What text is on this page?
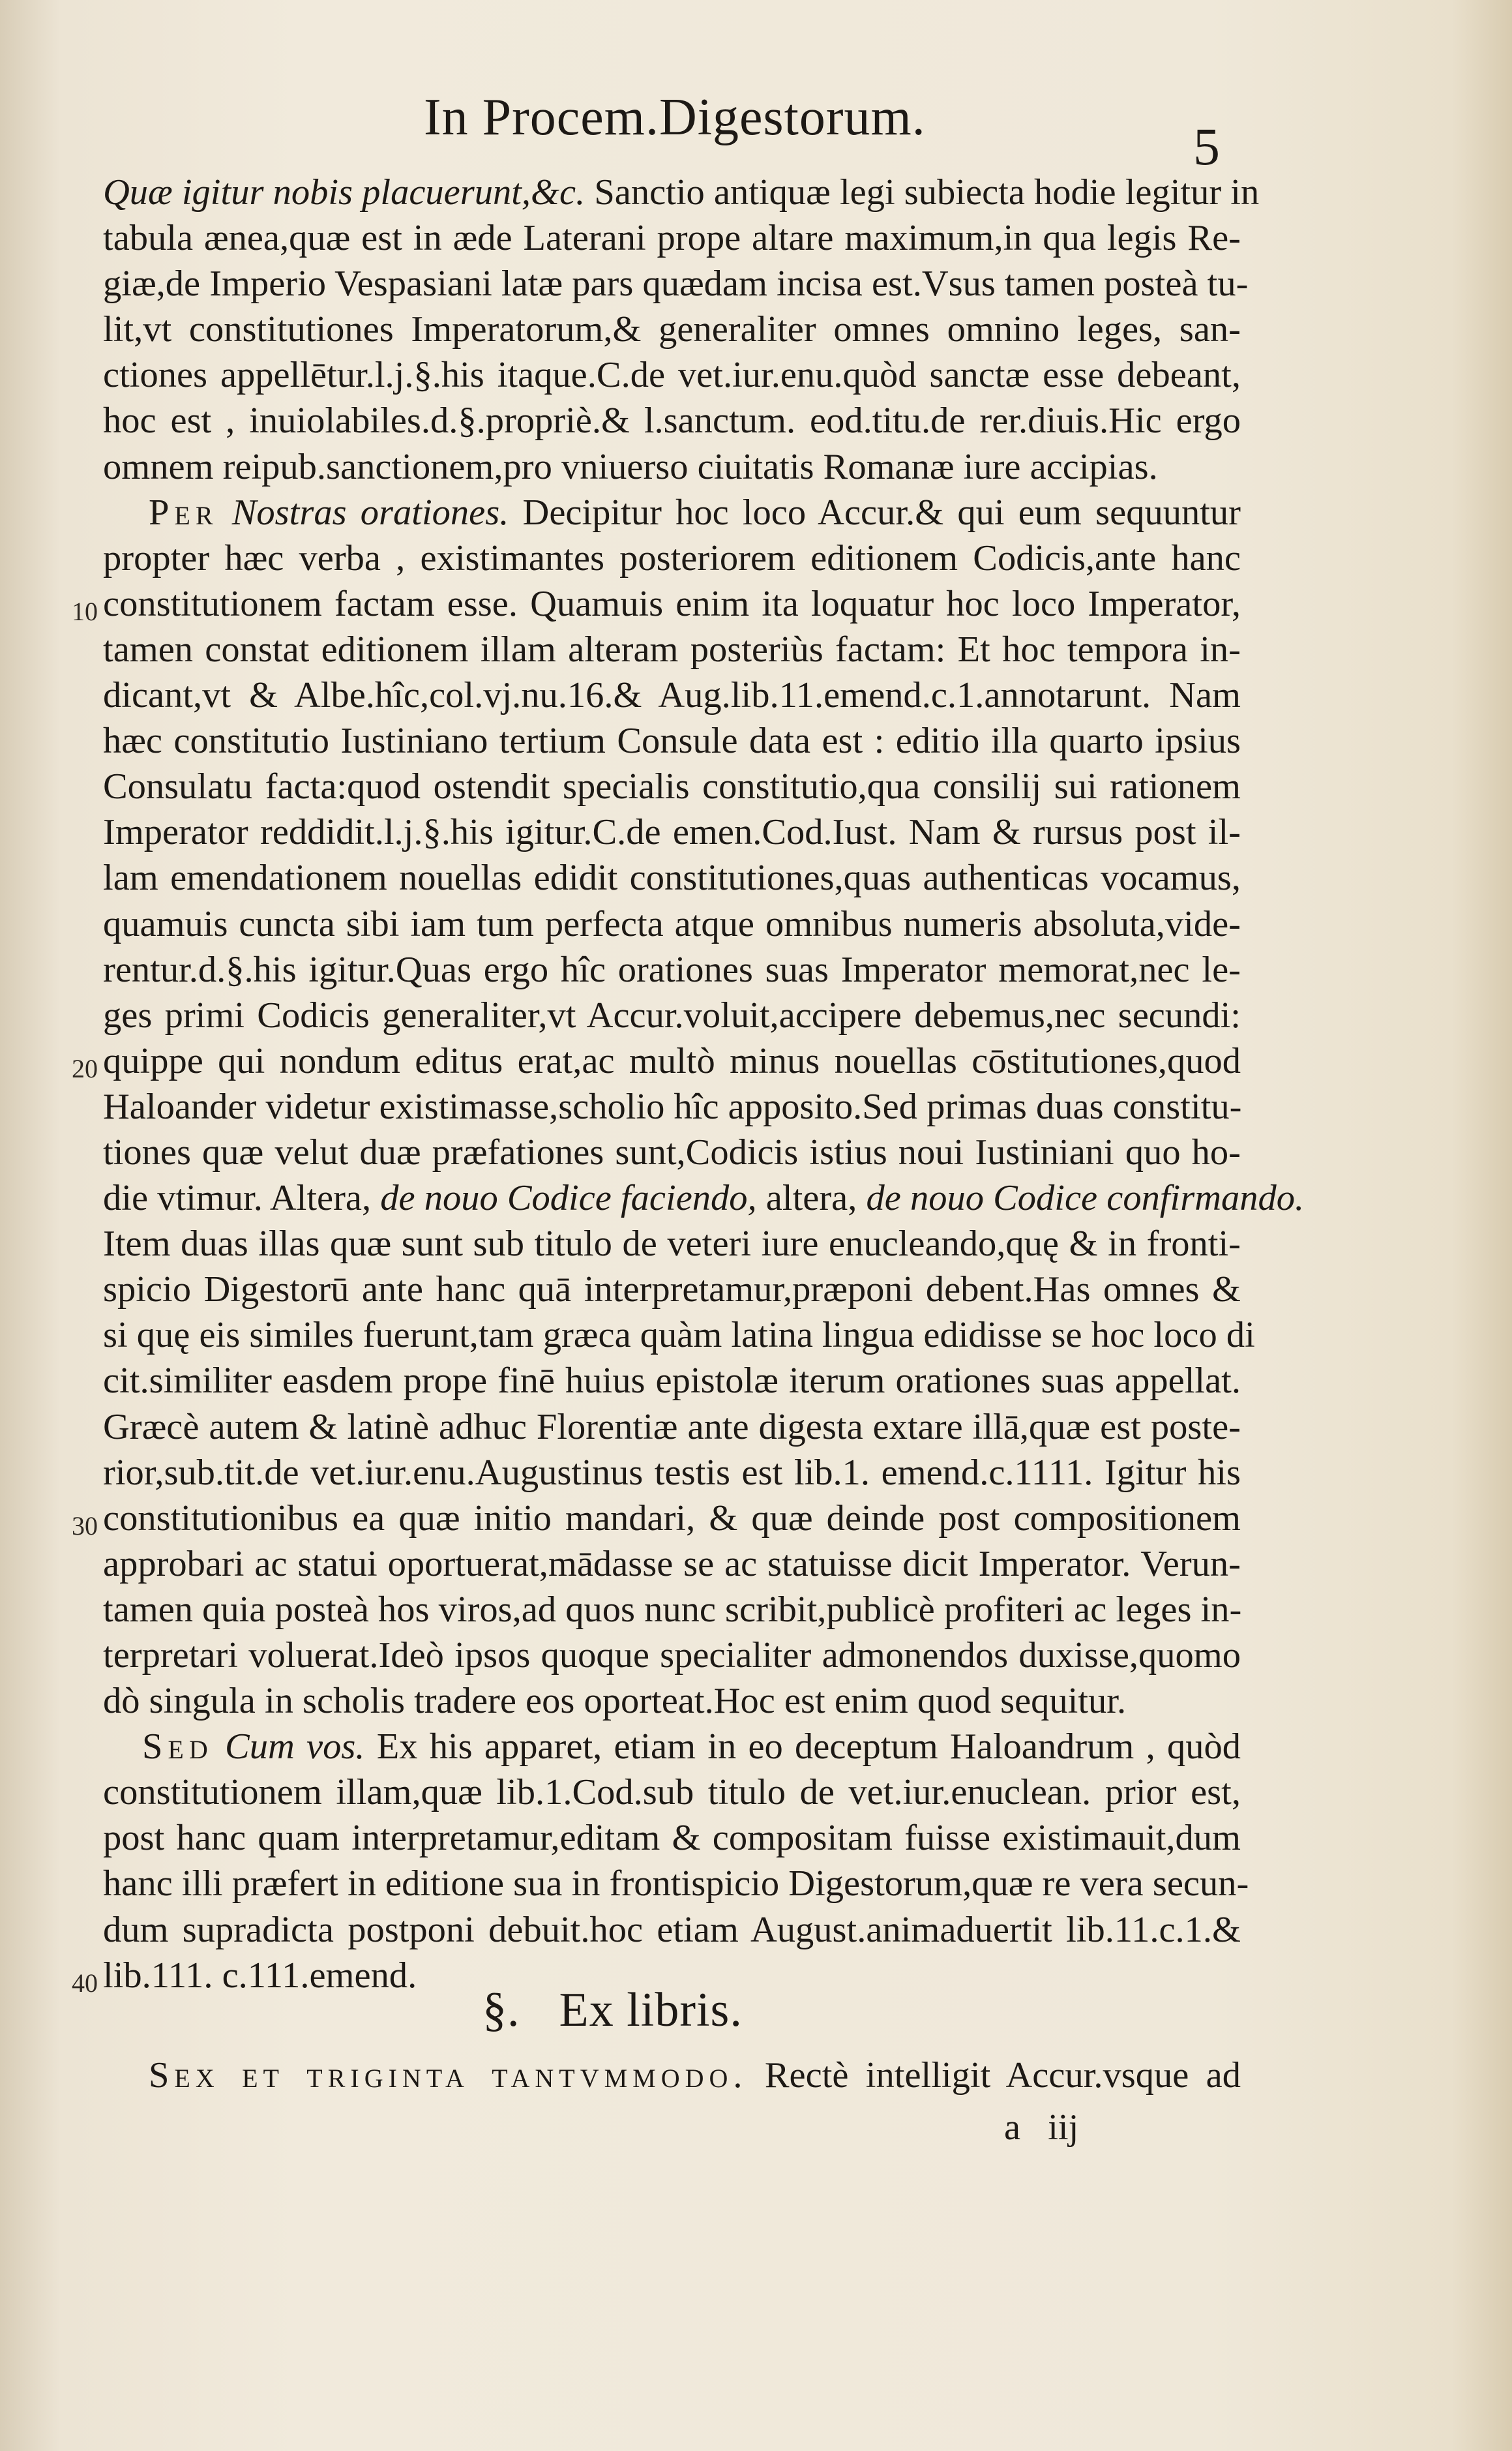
In Procem.Digestorum.	5
Quæ igitur nobis placuerunt,&c. Sanctio antiquæ legi subiecta hodie legitur in
tabula ænea,quæ est in æde Laterani prope altare maximum,in qua legis Re-
giæ,de Imperio Vespasiani latæ pars quædam incisa est.Vsus tamen posteà tu-
lit,vt constitutiones Imperatorum,& generaliter omnes omnino leges, san-
ctiones appellētur.l.j.§.his itaque.C.de vet.iur.enu.quòd sanctæ esse debeant,
hoc est , inuiolabiles.d.§.propriè.& l.sanctum. eod.titu.de rer.diuis.Hic ergo
omnem reipub.sanctionem,pro vniuerso ciuitatis Romanæ iure accipias.
Per Nostras orationes. Decipitur hoc loco Accur.& qui eum sequuntur
propter hæc verba , existimantes posteriorem editionem Codicis,ante hanc
10 constitutionem factam esse. Quamuis enim ita loquatur hoc loco Imperator,
tamen constat editionem illam alteram posteriùs factam: Et hoc tempora in-
dicant,vt & Albe.hîc,col.vj.nu.16.& Aug.lib.11.emend.c.1.annotarunt. Nam
hæc constitutio Iustiniano tertium Consule data est : editio illa quarto ipsius
Consulatu facta:quod ostendit specialis constitutio,qua consilij sui rationem
Imperator reddidit.l.j.§.his igitur.C.de emen.Cod.Iust. Nam & rursus post il-
lam emendationem nouellas edidit constitutiones,quas authenticas vocamus,
quamuis cuncta sibi iam tum perfecta atque omnibus numeris absoluta,vide-
rentur.d.§.his igitur.Quas ergo hîc orationes suas Imperator memorat,nec le-
ges primi Codicis generaliter,vt Accur.voluit,accipere debemus,nec secundi:
20 quippe qui nondum editus erat,ac multò minus nouellas cōstitutiones,quod
Haloander videtur existimasse,scholio hîc apposito.Sed primas duas constitu-
tiones quæ velut duæ præfationes sunt,Codicis istius noui Iustiniani quo ho-
die vtimur. Altera, de nouo Codice faciendo, altera, de nouo Codice confirmando.
Item duas illas quæ sunt sub titulo de veteri iure enucleando,quę & in fronti-
spicio Digestorū ante hanc quā interpretamur,præponi debent.Has omnes &
si quę eis similes fuerunt,tam græca quàm latina lingua edidisse se hoc loco di
cit.similiter easdem prope finē huius epistolæ iterum orationes suas appellat.
Græcè autem & latinè adhuc Florentiæ ante digesta extare illā,quæ est poste-
rior,sub.tit.de vet.iur.enu.Augustinus testis est lib.1. emend.c.1111. Igitur his
30 constitutionibus ea quæ initio mandari, & quæ deinde post compositionem
approbari ac statui oportuerat,mādasse se ac statuisse dicit Imperator. Verun-
tamen quia posteà hos viros,ad quos nunc scribit,publicè profiteri ac leges in-
terpretari voluerat.Ideò ipsos quoque specialiter admonendos duxisse,quomo
dò singula in scholis tradere eos oporteat.Hoc est enim quod sequitur.
Sed Cum vos. Ex his apparet, etiam in eo deceptum Haloandrum , quòd
constitutionem illam,quæ lib.1.Cod.sub titulo de vet.iur.enuclean. prior est,
post hanc quam interpretamur,editam & compositam fuisse existimauit,dum
hanc illi præfert in editione sua in frontispicio Digestorum,quæ re vera secun-
dum supradicta postponi debuit.hoc etiam August.animaduertit lib.11.c.1.&
40 lib.111. c.111.emend.
§. Ex libris.
Sex et triginta tantvmmodo. Rectè intelligit Accur.vsque ad
a iij
